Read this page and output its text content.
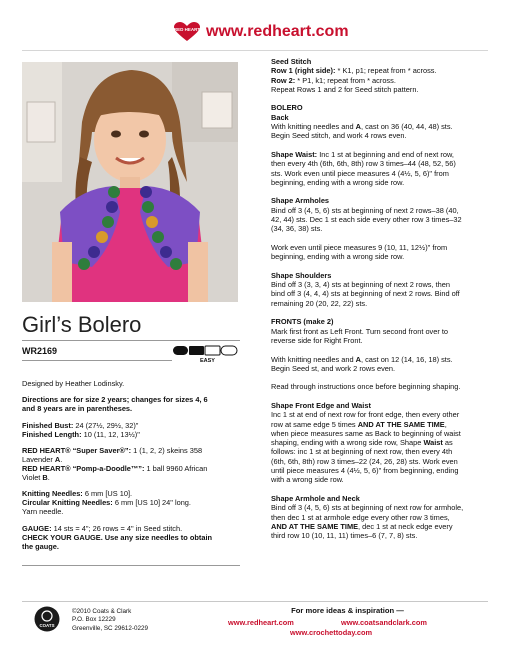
RED HEART www.redheart.com
Girl’s Bolero
WR2169
EASY
Designed by Heather Lodinsky.
Directions are for size 2 years; changes for sizes 4, 6
and 8 years are in parentheses.
Finished Bust: 24 (27½, 29½, 32)"
Finished Length: 10 (11, 12, 13½)"
RED HEART® “Super Saver®”: 1 (1, 2, 2) skeins 358
Lavender A.
RED HEART® “Pomp-a-Doodle™”: 1 ball 9960 African
Violet B.
Knitting Needles: 6 mm [US 10].
Circular Knitting Needles: 6 mm [US 10] 24" long.
Yarn needle.
GAUGE: 14 sts = 4"; 26 rows = 4" in Seed stitch.
CHECK YOUR GAUGE. Use any size needles to obtain
the gauge.
Seed Stitch
Row 1 (right side): * K1, p1; repeat from * across.
Row 2: * P1, k1; repeat from * across.
Repeat Rows 1 and 2 for Seed stitch pattern.
BOLERO
Back
With knitting needles and A, cast on 36 (40, 44, 48) sts.
Begin Seed stitch, and work 4 rows even.
Shape Waist: Inc 1 st at beginning and end of next row,
then every 4th (6th, 6th, 8th) row 3 times–44 (48, 52, 56)
sts. Work even until piece measures 4 (4½, 5, 6)" from
beginning, ending with a wrong side row.
Shape Armholes
Bind off 3 (4, 5, 6) sts at beginning of next 2 rows–38 (40,
42, 44) sts. Dec 1 st each side every other row 3 times–32
(34, 36, 38) sts.
Work even until piece measures 9 (10, 11, 12½)" from
beginning, ending with a wrong side row.
Shape Shoulders
Bind off 3 (3, 3, 4) sts at beginning of next 2 rows, then
bind off 3 (4, 4, 4) sts at beginning of next 2 rows. Bind off
remaining 20 (20, 22, 22) sts.
FRONTS (make 2)
Mark first front as Left Front. Turn second front over to
reverse side for Right Front.
With knitting needles and A, cast on 12 (14, 16, 18) sts.
Begin Seed st, and work 2 rows even.
Read through instructions once before beginning shaping.
Shape Front Edge and Waist
Inc 1 st at end of next row for front edge, then every other
row at same edge 5 times AND AT THE SAME TIME,
when piece measures same as Back to beginning of waist
shaping, ending with a wrong side row, Shape Waist as
follows: inc 1 st at beginning of next row, then every 4th
(6th, 6th, 8th) row 3 times–22 (24, 26, 28) sts. Work even
until piece measures 4 (4½, 5, 6)" from beginning, ending
with a wrong side row.
Shape Armhole and Neck
Bind off 3 (4, 5, 6) sts at beginning of next row for armhole,
then dec 1 st at armhole edge every other row 3 times,
AND AT THE SAME TIME, dec 1 st at neck edge every
third row 10 (10, 11, 11) times–6 (7, 7, 8) sts.
COATS
©2010 Coats & Clark
P.O. Box 12229
Greenville, SC 29612-0229
For more ideas & inspiration —
www.redheart.com	www.coatsandclark.com
www.crochettoday.com
